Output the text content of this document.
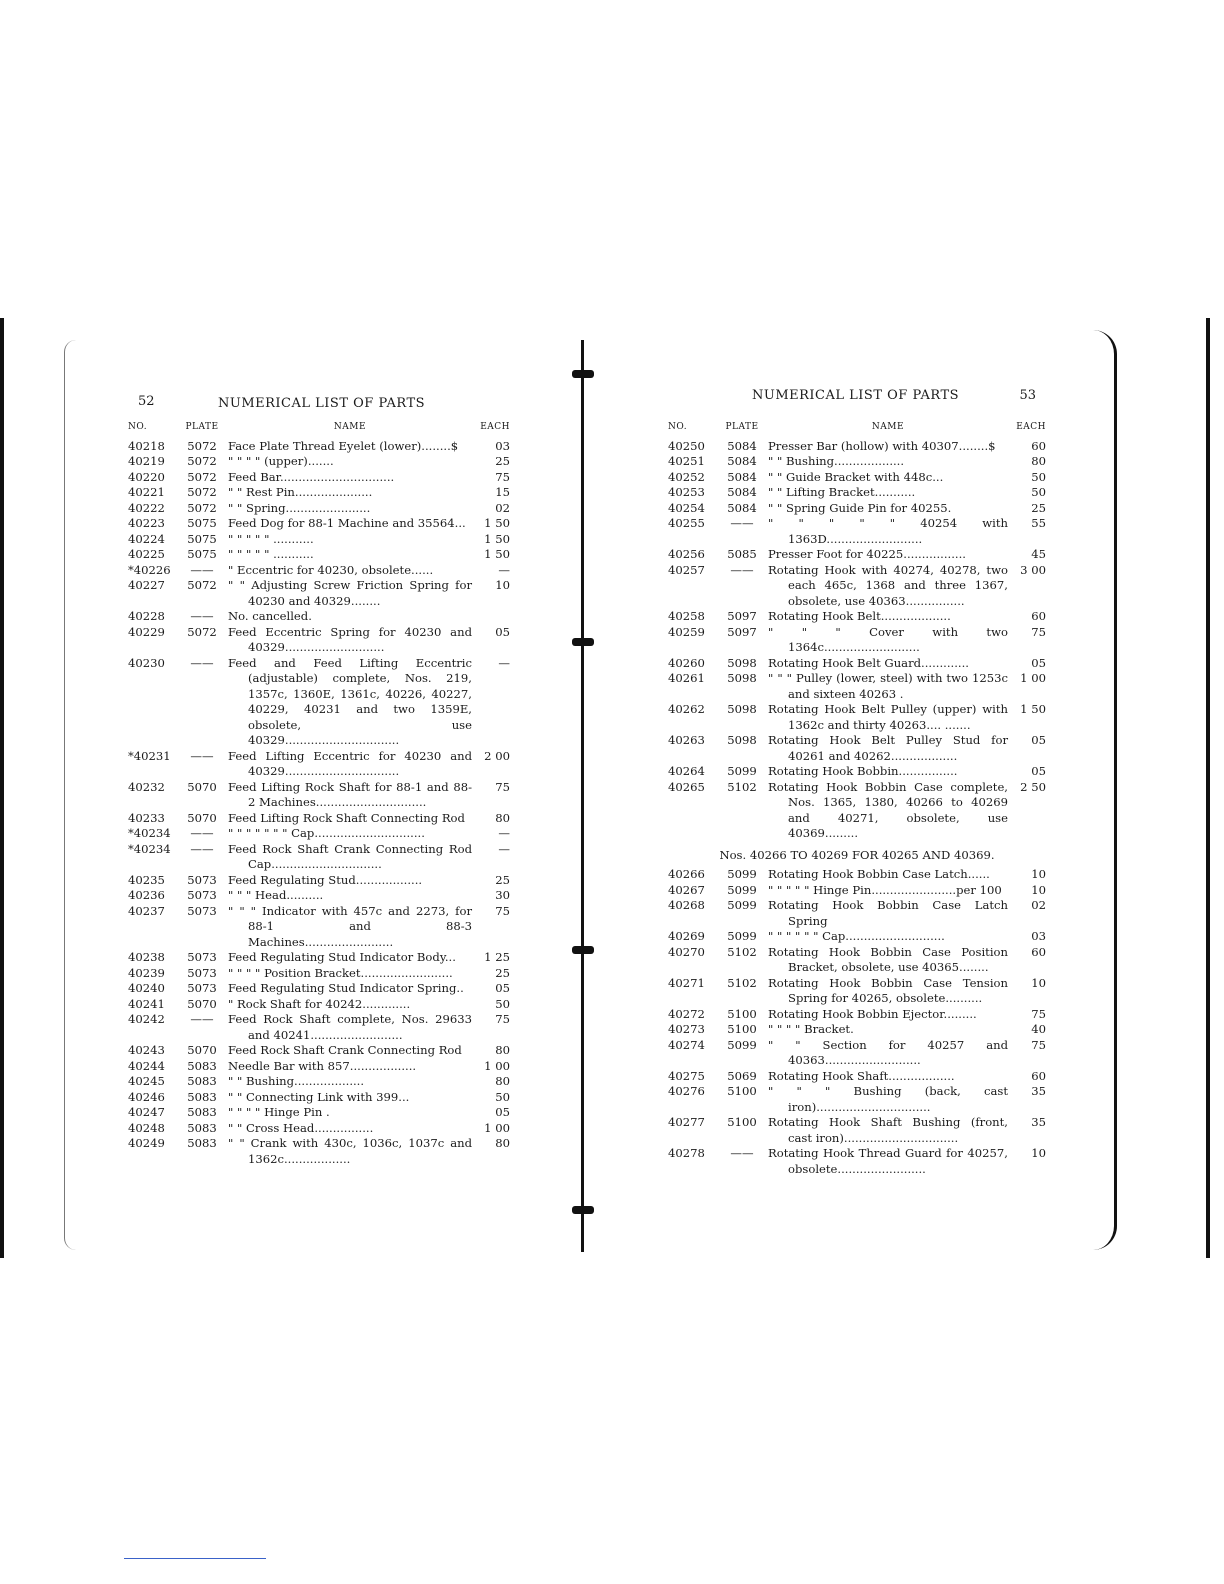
52	NUMERICAL LIST OF PARTS
NO.	PLATE	NAME	EACH
40218	5072	Face Plate Thread Eyelet (lower)........$	03
40219	5072	" " " " (upper).......	25
40220	5072	Feed Bar...............................	75
40221	5072	" " Rest Pin.....................	15
40222	5072	" " Spring.......................	02
40223	5075	Feed Dog for 88-1 Machine and 35564...	1 50
40224	5075	" " " " " ...........	1 50
40225	5075	" " " " " ...........	1 50
*40226	——	" Eccentric for 40230, obsolete......	—
40227	5072	" " Adjusting Screw Friction Spring for 40230 and 40329........	10
40228	——	No. cancelled.	

40229	5072	Feed Eccentric Spring for 40230 and 40329...........................	05
40230	——	Feed and Feed Lifting Eccentric (adjustable) complete, Nos. 219, 1357c, 1360E, 1361c, 40226, 40227, 40229, 40231 and two 1359E, obsolete, use 40329...............................	—
*40231	——	Feed Lifting Eccentric for 40230 and 40329...............................	2 00
40232	5070	Feed Lifting Rock Shaft for 88-1 and 88-2 Machines..............................	75
40233	5070	Feed Lifting Rock Shaft Connecting Rod	80
*40234	——	" " " " " " " Cap..............................	—
*40234	——	Feed Rock Shaft Crank Connecting Rod Cap..............................	—
40235	5073	Feed Regulating Stud..................	25
40236	5073	" " " Head..........	30
40237	5073	" " " Indicator with 457c and 2273, for 88-1 and 88-3 Machines........................	75
40238	5073	Feed Regulating Stud Indicator Body...	1 25
40239	5073	" " " " Position Bracket.........................	25
40240	5073	Feed Regulating Stud Indicator Spring..	05
40241	5070	" Rock Shaft for 40242.............	50
40242	——	Feed Rock Shaft complete, Nos. 29633 and 40241.........................	75
40243	5070	Feed Rock Shaft Crank Connecting Rod	80
40244	5083	Needle Bar with 857..................	1 00
40245	5083	" " Bushing...................	80
40246	5083	" " Connecting Link with 399...	50
40247	5083	" " " " Hinge Pin .	05
40248	5083	" " Cross Head................	1 00
40249	5083	" " Crank with 430c, 1036c, 1037c and 1362c..................	80
NUMERICAL LIST OF PARTS	53
NO.	PLATE	NAME	EACH
40250	5084	Presser Bar (hollow) with 40307........$	60
40251	5084	" " Bushing...................	80
40252	5084	" " Guide Bracket with 448c...	50
40253	5084	" " Lifting Bracket...........	50
40254	5084	" " Spring Guide Pin for 40255.	25
40255	——	" " " " " 40254 with 1363D..........................	55
40256	5085	Presser Foot for 40225.................	45
40257	——	Rotating Hook with 40274, 40278, two each 465c, 1368 and three 1367, obsolete, use 40363................	3 00
40258	5097	Rotating Hook Belt...................	60
40259	5097	" " " Cover with two 1364c..........................	75
40260	5098	Rotating Hook Belt Guard.............	05
40261	5098	" " " Pulley (lower, steel) with two 1253c and sixteen 40263 .	1 00
40262	5098	Rotating Hook Belt Pulley (upper) with 1362c and thirty 40263.... .......	1 50
40263	5098	Rotating Hook Belt Pulley Stud for 40261 and 40262..................	05
40264	5099	Rotating Hook Bobbin................	05
40265	5102	Rotating Hook Bobbin Case complete, Nos. 1365, 1380, 40266 to 40269 and 40271, obsolete, use 40369.........	2 50
Nos. 40266 TO 40269 FOR 40265 AND 40369.			
40266	5099	Rotating Hook Bobbin Case Latch......	10
40267	5099	" " " " " Hinge Pin.......................per 100	10
40268	5099	Rotating Hook Bobbin Case Latch Spring	02
40269	5099	" " " " " " Cap...........................	03
40270	5102	Rotating Hook Bobbin Case Position Bracket, obsolete, use 40365........	60
40271	5102	Rotating Hook Bobbin Case Tension Spring for 40265, obsolete..........	10
40272	5100	Rotating Hook Bobbin Ejector.........	75
40273	5100	" " " " Bracket.	40
40274	5099	" " Section for 40257 and 40363..........................	75
40275	5069	Rotating Hook Shaft..................	60
40276	5100	" " " Bushing (back, cast iron)...............................	35
40277	5100	Rotating Hook Shaft Bushing (front, cast iron)...............................	35
40278	——	Rotating Hook Thread Guard for 40257, obsolete........................	10
